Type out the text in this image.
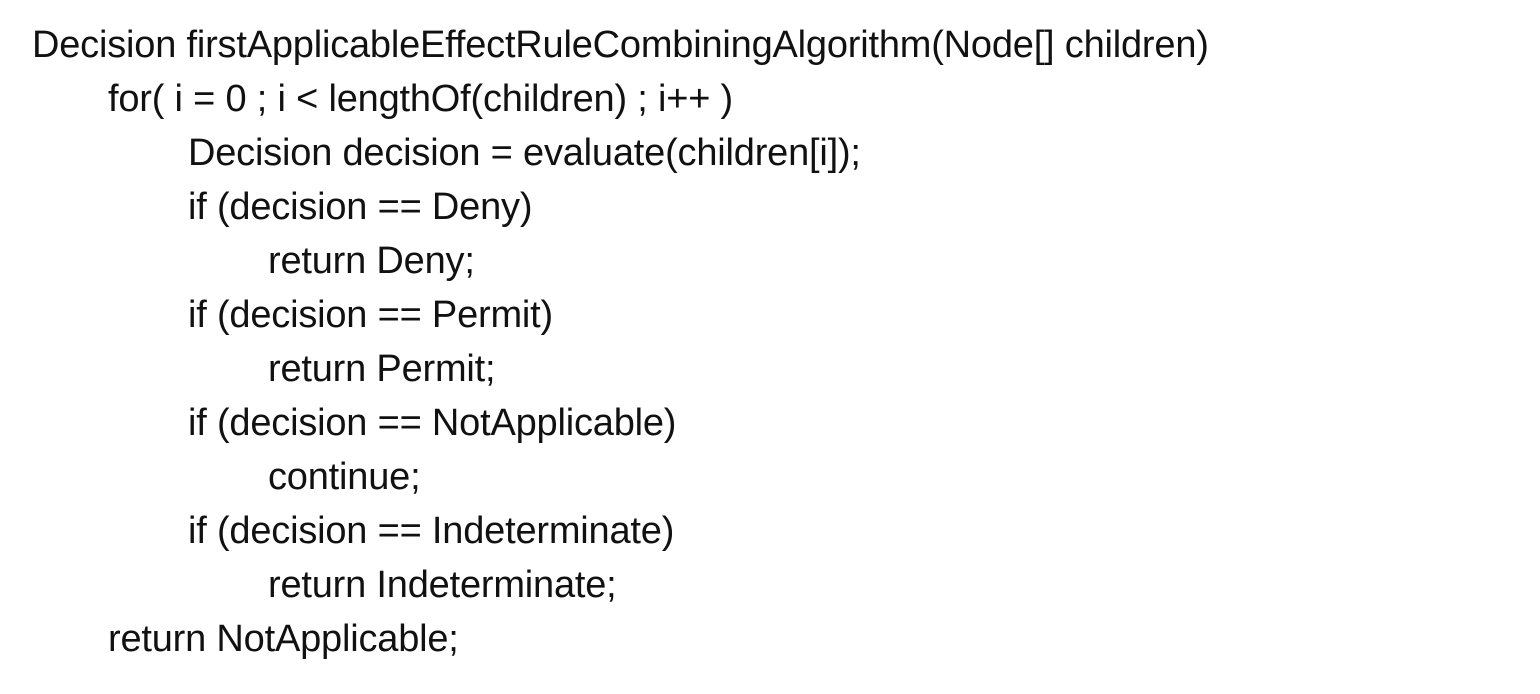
Decision firstApplicableEffectRuleCombiningAlgorithm(Node[] children)
for( i = 0 ; i < lengthOf(children) ; i++ )
Decision decision = evaluate(children[i]);
if (decision == Deny)
return Deny;
if (decision == Permit)
return Permit;
if (decision == NotApplicable)
continue;
if (decision == Indeterminate)
return Indeterminate;
return NotApplicable;
